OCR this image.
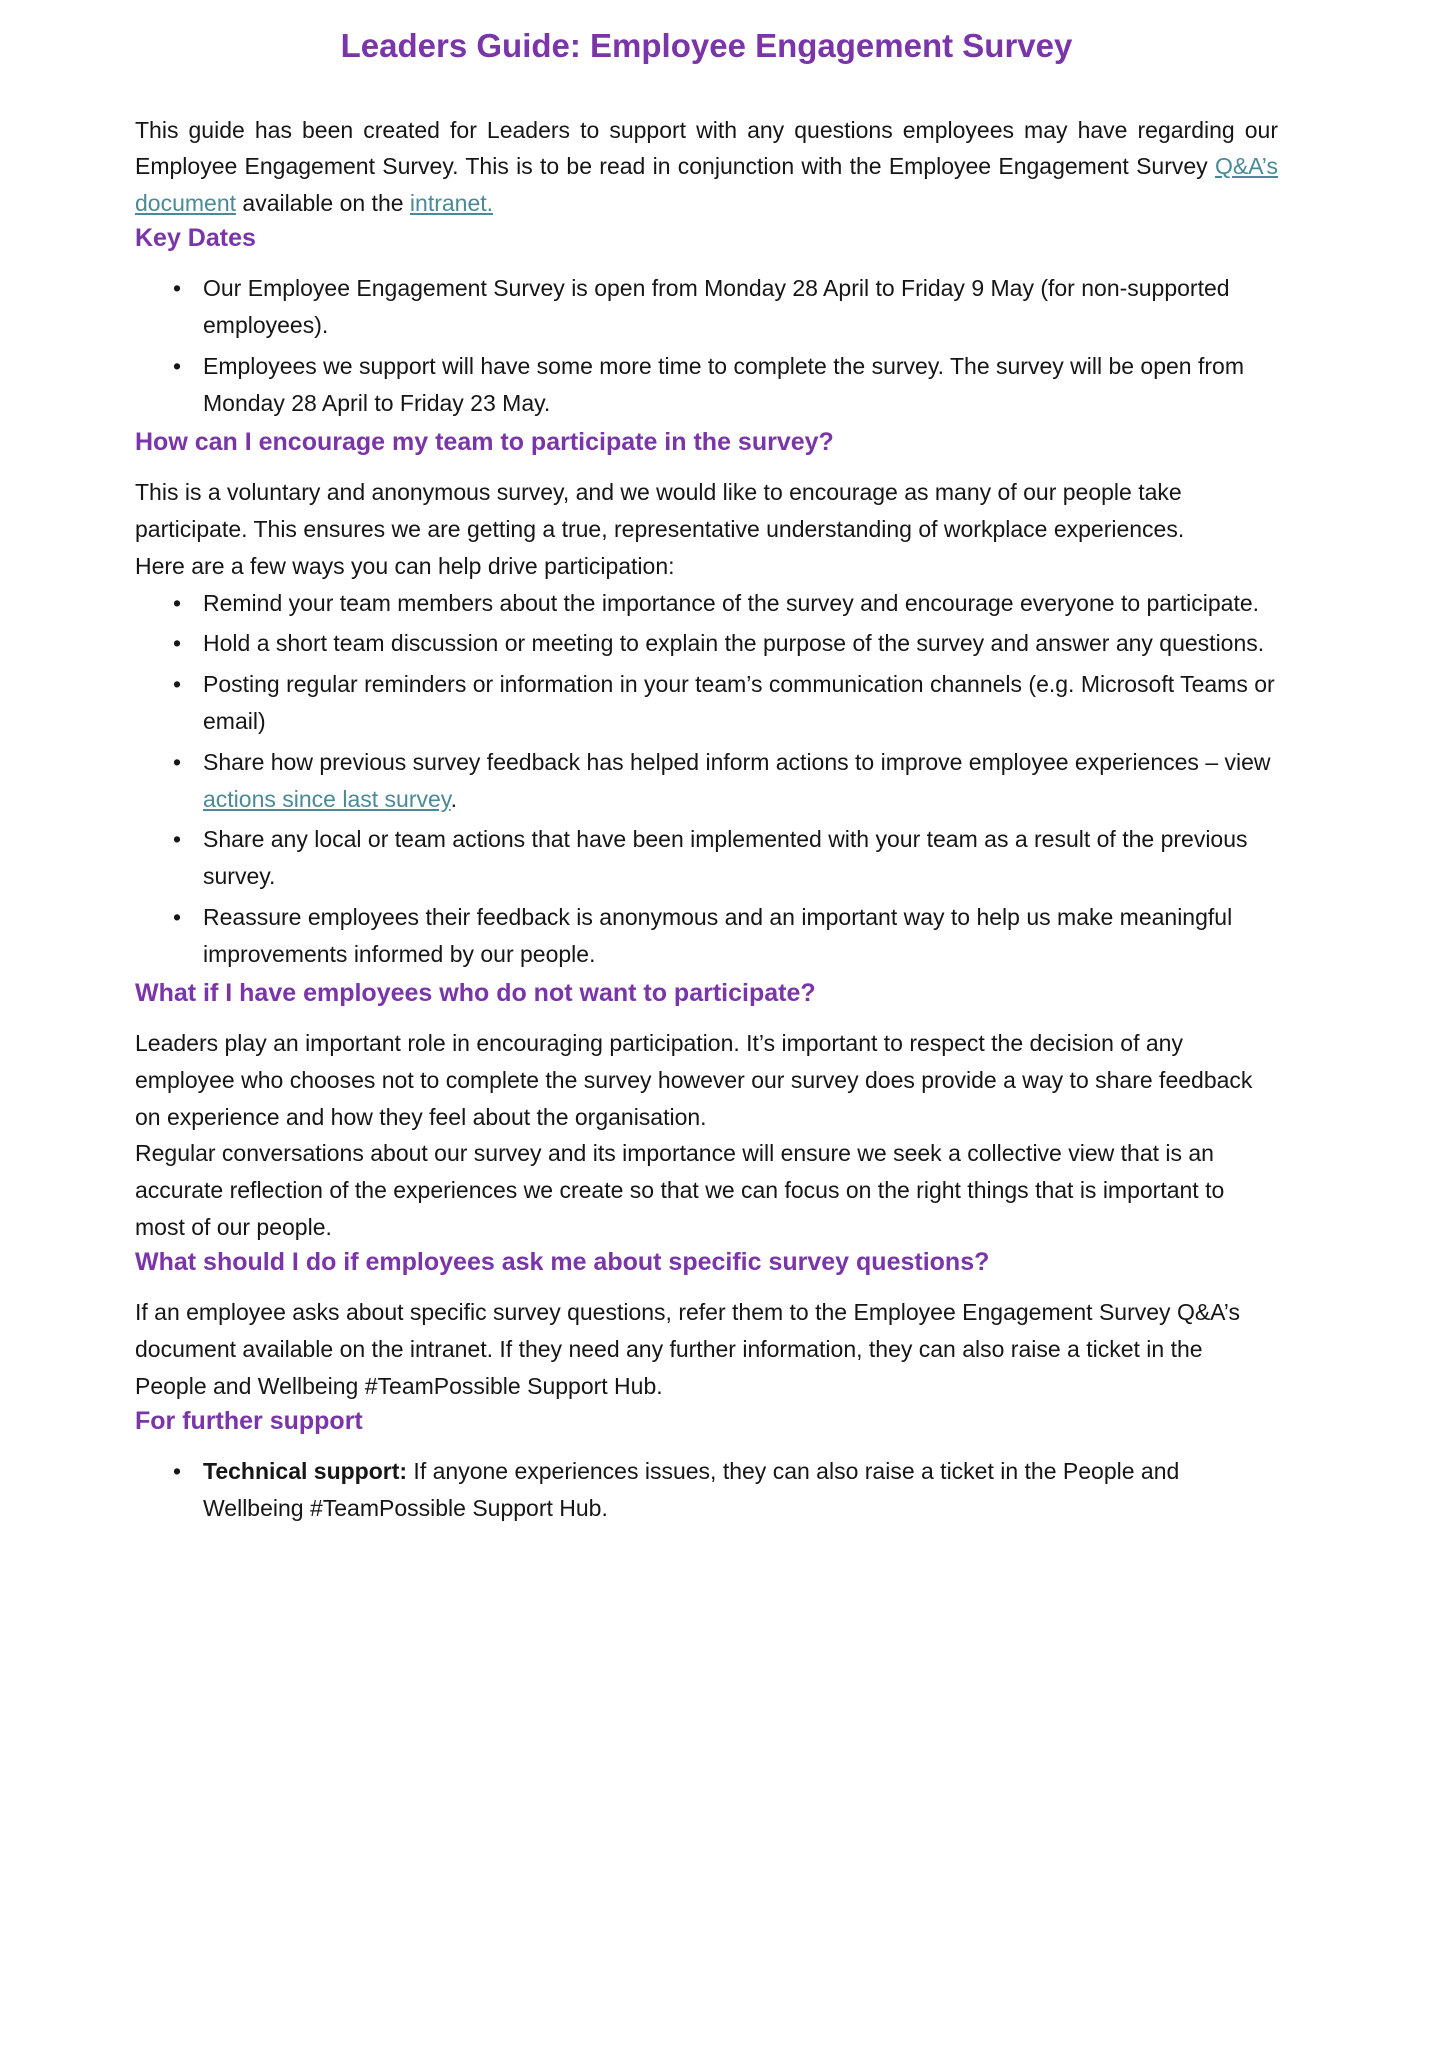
Leaders Guide: Employee Engagement Survey

This guide has been created for Leaders to support with any questions employees may have regarding our Employee Engagement Survey. This is to be read in conjunction with the Employee Engagement Survey Q&A’s document available on the intranet.

Key Dates
• Our Employee Engagement Survey is open from Monday 28 April to Friday 9 May (for non-supported employees).
• Employees we support will have some more time to complete the survey. The survey will be open from Monday 28 April to Friday 23 May.
How can I encourage my team to participate in the survey?

This is a voluntary and anonymous survey, and we would like to encourage as many of our people take participate. This ensures we are getting a true, representative understanding of workplace experiences.

Here are a few ways you can help drive participation:

• Remind your team members about the importance of the survey and encourage everyone to participate.
• Hold a short team discussion or meeting to explain the purpose of the survey and answer any questions.
• Posting regular reminders or information in your team’s communication channels (e.g. Microsoft Teams or email)
• Share how previous survey feedback has helped inform actions to improve employee experiences – view actions since last survey.
• Share any local or team actions that have been implemented with your team as a result of the previous survey.
• Reassure employees their feedback is anonymous and an important way to help us make meaningful improvements informed by our people.
What if I have employees who do not want to participate?

Leaders play an important role in encouraging participation. It’s important to respect the decision of any employee who chooses not to complete the survey however our survey does provide a way to share feedback on experience and how they feel about the organisation.

Regular conversations about our survey and its importance will ensure we seek a collective view that is an accurate reflection of the experiences we create so that we can focus on the right things that is important to most of our people.

What should I do if employees ask me about specific survey questions?

If an employee asks about specific survey questions, refer them to the Employee Engagement Survey Q&A’s document available on the intranet. If they need any further information, they can also raise a ticket in the People and Wellbeing #TeamPossible Support Hub.

For further support
• Technical support: If anyone experiences issues, they can also raise a ticket in the People and Wellbeing #TeamPossible Support Hub.
